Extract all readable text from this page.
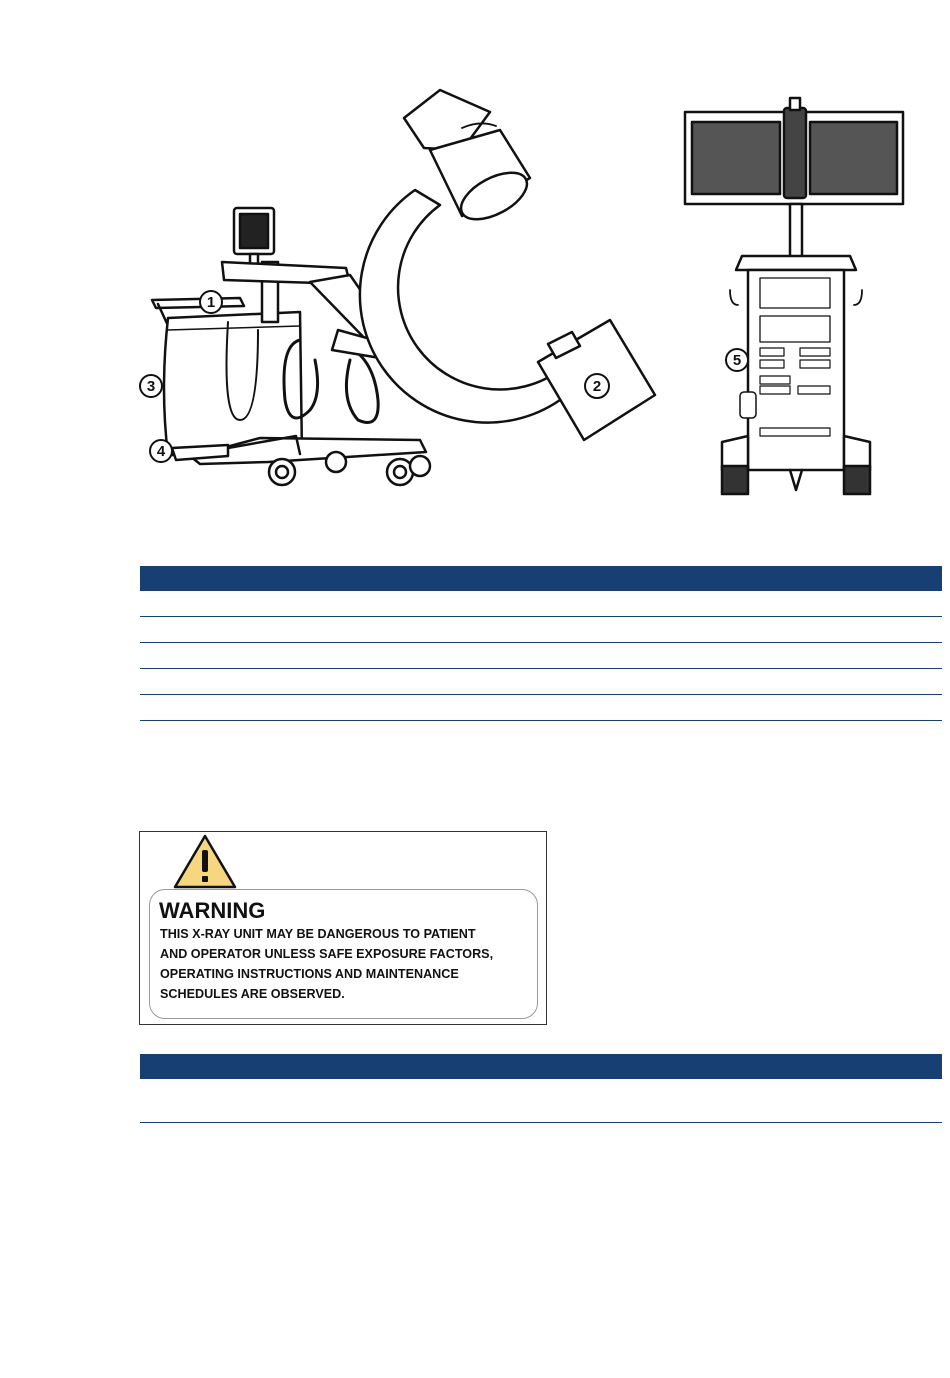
1
2
3
4
5
WARNING
THIS X-RAY UNIT MAY BE DANGEROUS TO PATIENT
AND OPERATOR UNLESS SAFE EXPOSURE FACTORS,
OPERATING INSTRUCTIONS AND MAINTENANCE
SCHEDULES ARE OBSERVED.
